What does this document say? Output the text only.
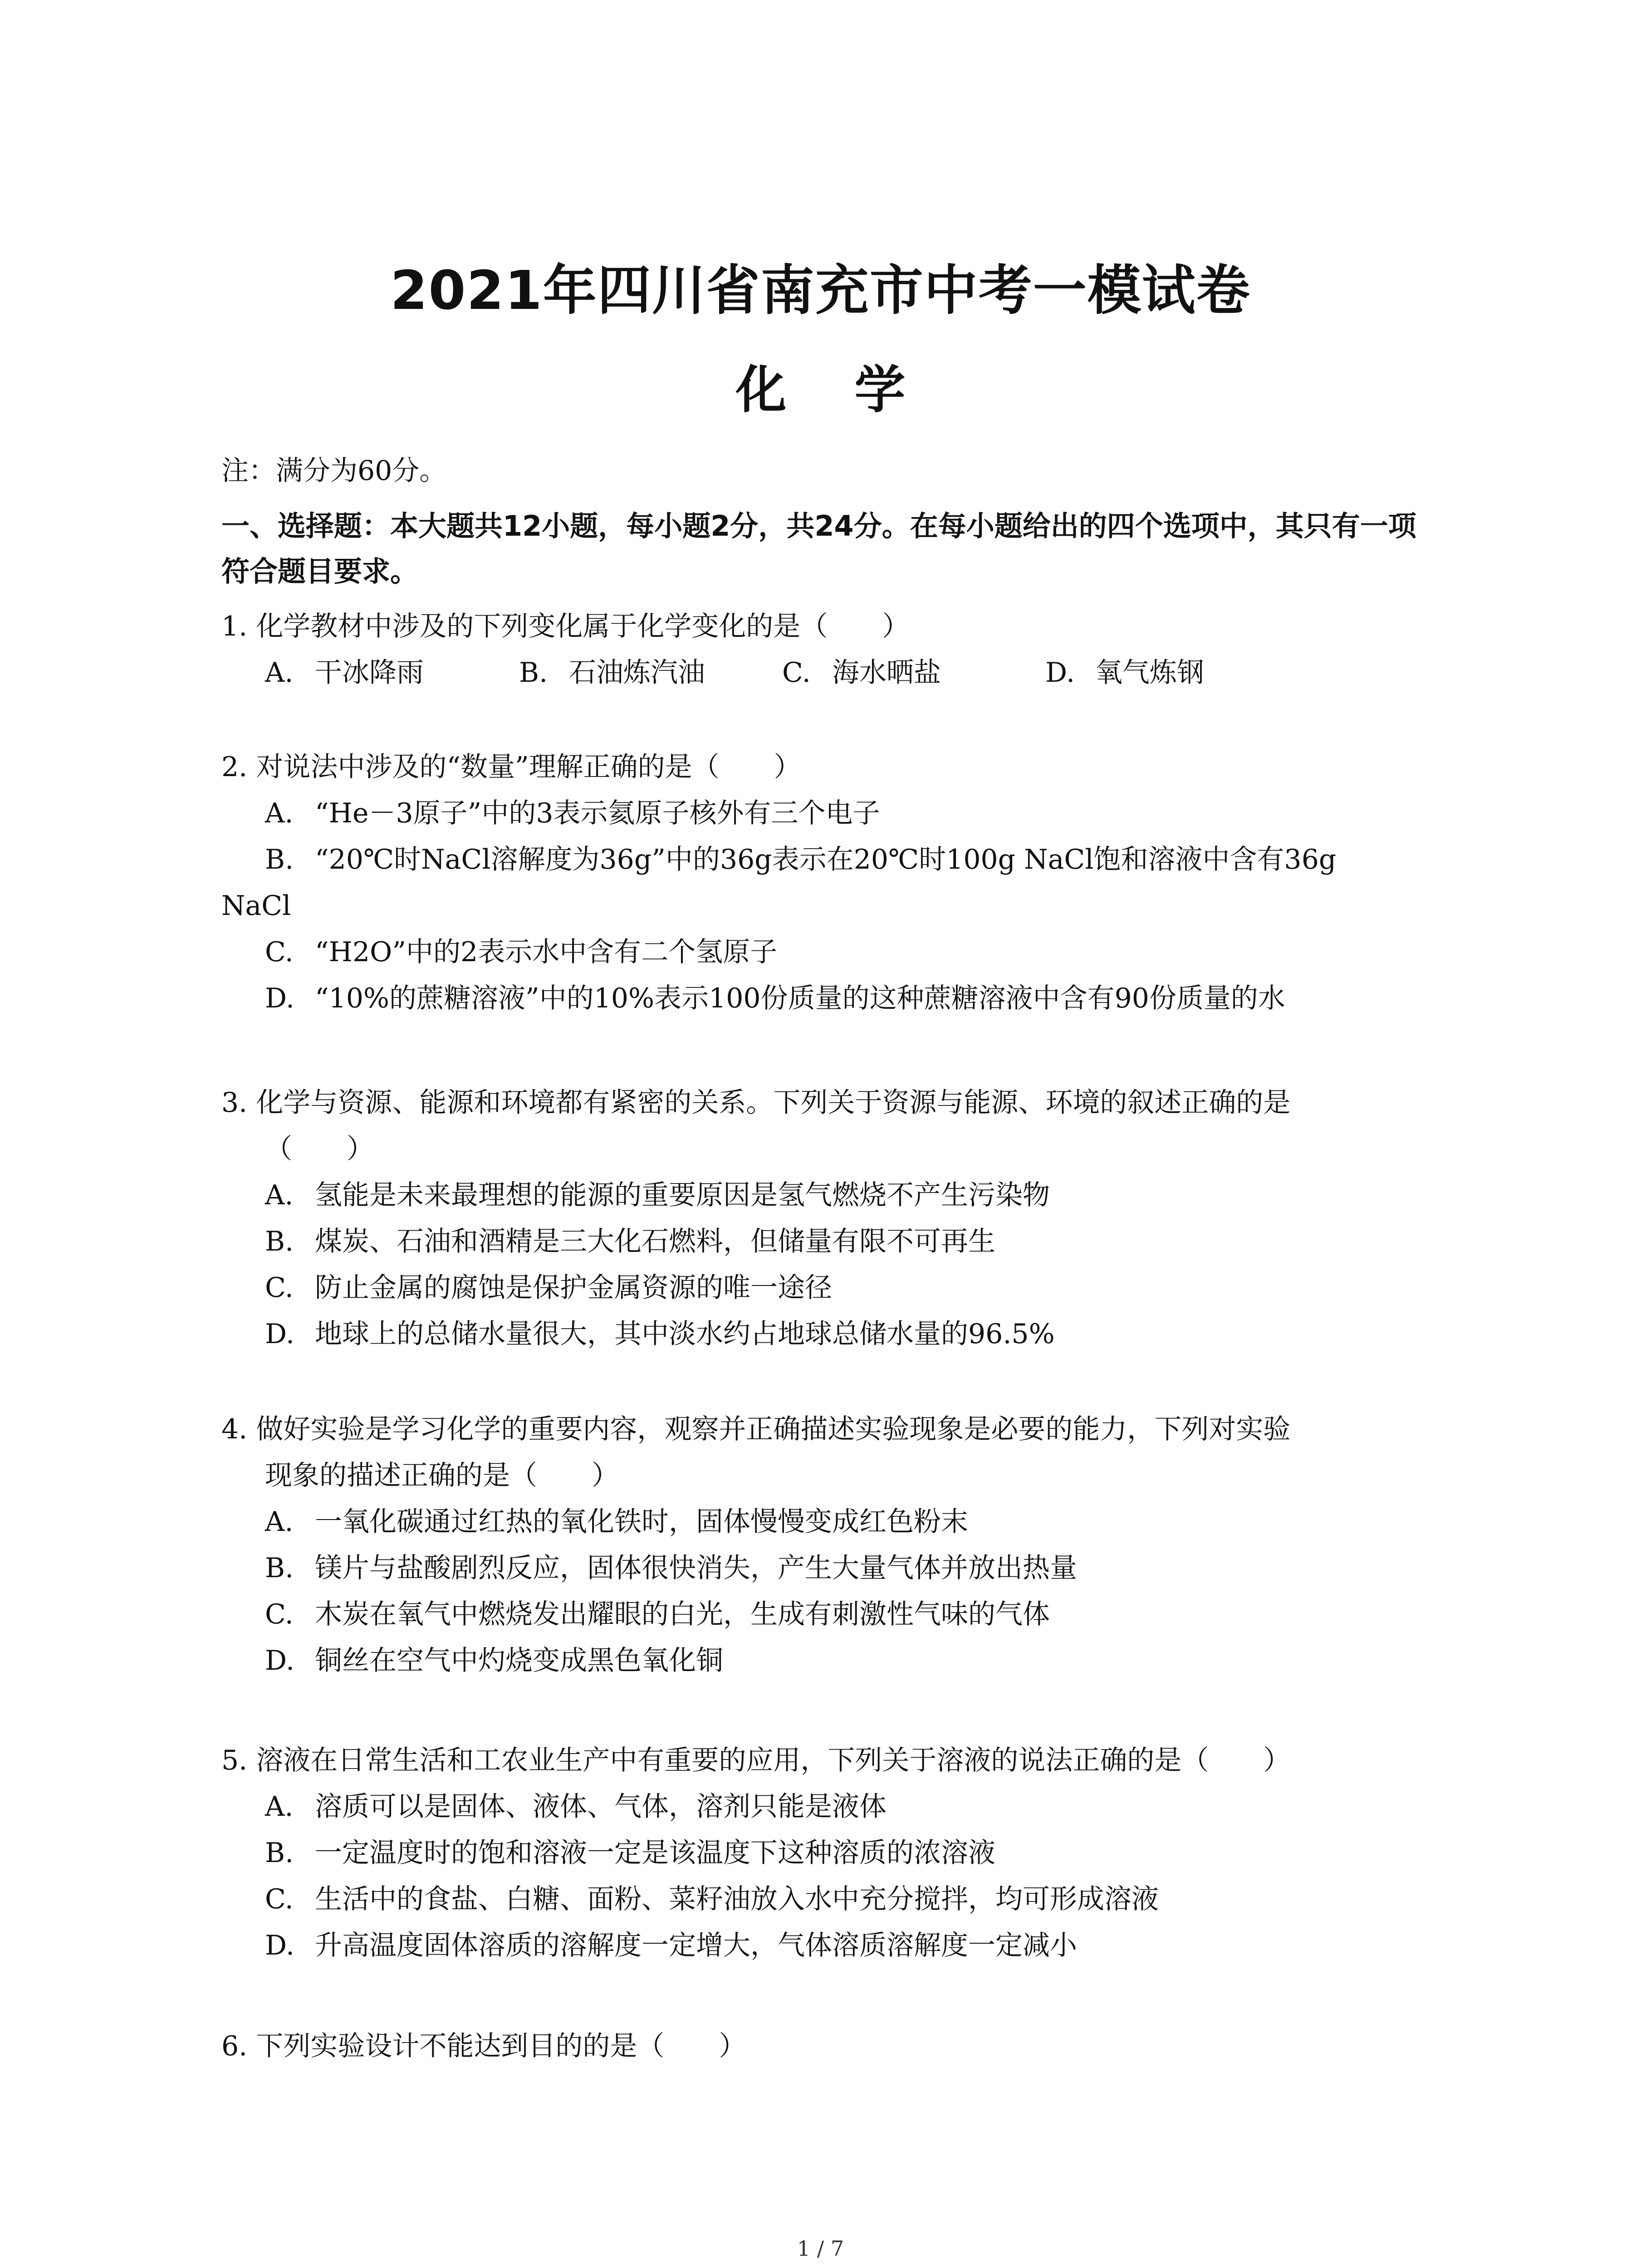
2021年四川省南充市中考一模试卷
化 学

注：满分为60分。

一、选择题：本大题共12小题，每小题2分，共24分。在每小题给出的四个选项中，其只有一项符合题目要求。

1. 化学教材中涉及的下列变化属于化学变化的是（　　）

A. 干冰降雨	B. 石油炼汽油	C. 海水晒盐	D. 氧气炼钢

2. 对说法中涉及的“数量”理解正确的是（　　）

A. “He－3原子”中的3表示氦原子核外有三个电子

B. “20℃时NaCl溶解度为36g”中的36g表示在20℃时100g NaCl饱和溶液中含有36g

NaCl

C. “H2O”中的2表示水中含有二个氢原子

D. “10%的蔗糖溶液”中的10%表示100份质量的这种蔗糖溶液中含有90份质量的水

3. 化学与资源、能源和环境都有紧密的关系。下列关于资源与能源、环境的叙述正确的是

（　　）

A. 氢能是未来最理想的能源的重要原因是氢气燃烧不产生污染物

B. 煤炭、石油和酒精是三大化石燃料，但储量有限不可再生

C. 防止金属的腐蚀是保护金属资源的唯一途径

D. 地球上的总储水量很大，其中淡水约占地球总储水量的96.5%

4. 做好实验是学习化学的重要内容，观察并正确描述实验现象是必要的能力，下列对实验

现象的描述正确的是（　　）

A. 一氧化碳通过红热的氧化铁时，固体慢慢变成红色粉末

B. 镁片与盐酸剧烈反应，固体很快消失，产生大量气体并放出热量

C. 木炭在氧气中燃烧发出耀眼的白光，生成有刺激性气味的气体

D. 铜丝在空气中灼烧变成黑色氧化铜

5. 溶液在日常生活和工农业生产中有重要的应用，下列关于溶液的说法正确的是（　　）

A. 溶质可以是固体、液体、气体，溶剂只能是液体

B. 一定温度时的饱和溶液一定是该温度下这种溶质的浓溶液

C. 生活中的食盐、白糖、面粉、菜籽油放入水中充分搅拌，均可形成溶液

D. 升高温度固体溶质的溶解度一定增大，气体溶质溶解度一定减小

6. 下列实验设计不能达到目的的是（　　）

1 / 7
